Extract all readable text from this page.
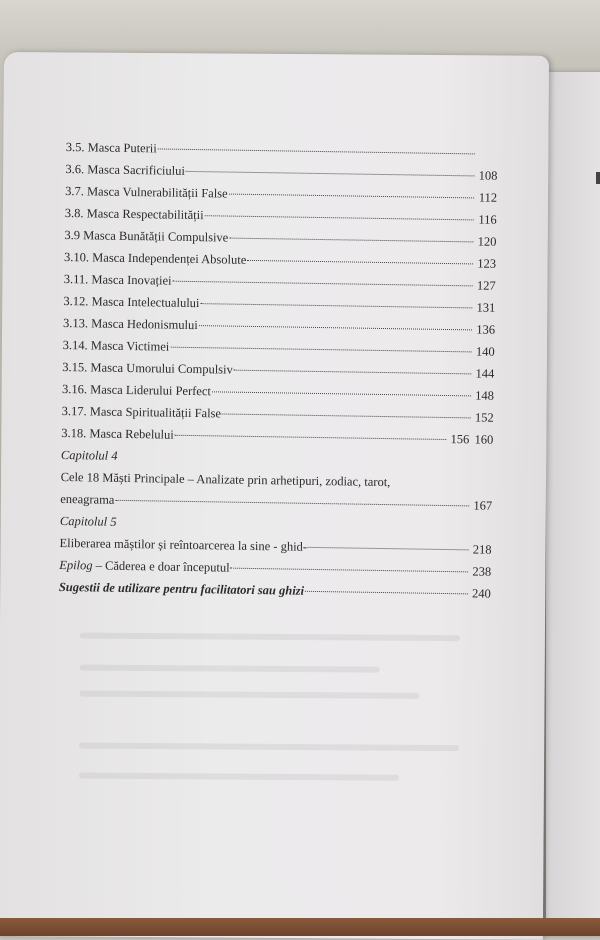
3.5. Masca Puterii
3.6. Masca Sacrificiului	108
3.7. Masca Vulnerabilității False	112
3.8. Masca Respectabilității	116
3.9 Masca Bunătății Compulsive	120
3.10. Masca Independenței Absolute	123
3.11. Masca Inovației	127
3.12. Masca Intelectualului	131
3.13. Masca Hedonismului	136
3.14. Masca Victimei	140
3.15. Masca Umorului Compulsiv	144
3.16. Masca Liderului Perfect	148
3.17. Masca Spiritualității False	152
3.18. Masca Rebelului	156 160
Capitolul 4
Cele 18 Măști Principale – Analizate prin arhetipuri, zodiac, tarot,
eneagrama	167
Capitolul 5
Eliberarea măștilor și reîntoarcerea la sine - ghid-	218
Epilog – Căderea e doar începutul	238
Sugestii de utilizare pentru facilitatori sau ghizi	240
